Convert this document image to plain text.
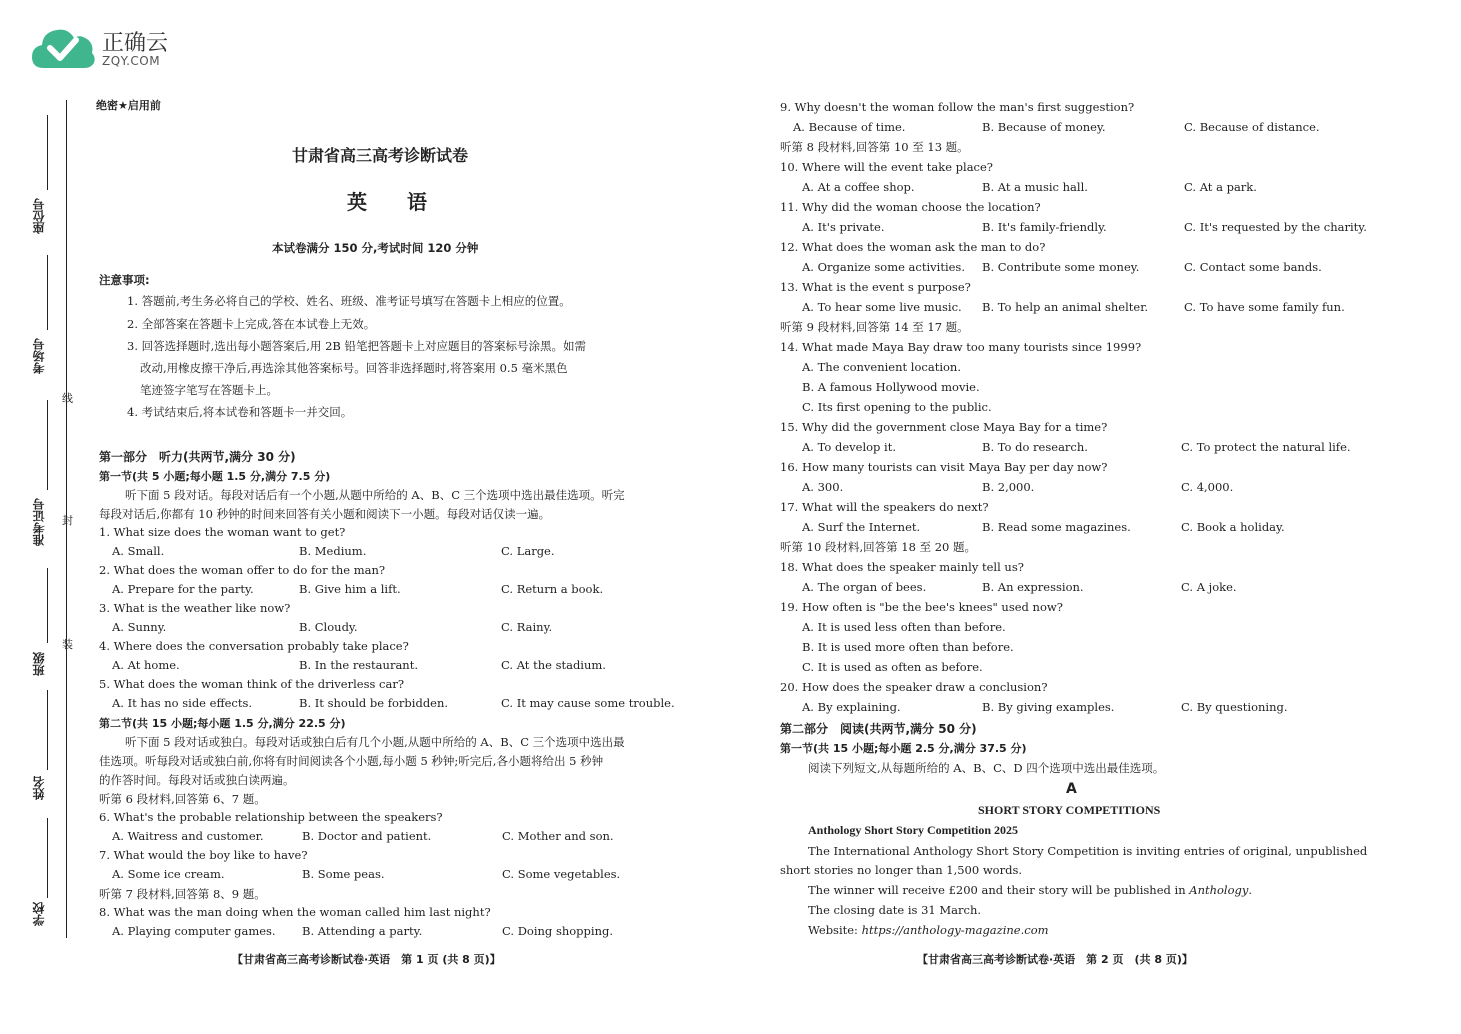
正确云
ZQY.COM
座位号
考场号
准考证号
班级
姓名
学校
线
封
装
绝密★启用前
甘肃省高三高考诊断试卷
英　　语
本试卷满分 150 分,考试时间 120 分钟
注意事项:
1. 答题前,考生务必将自己的学校、姓名、班级、准考证号填写在答题卡上相应的位置。
2. 全部答案在答题卡上完成,答在本试卷上无效。
3. 回答选择题时,选出每小题答案后,用 2B 铅笔把答题卡上对应题目的答案标号涂黑。如需
改动,用橡皮擦干净后,再选涂其他答案标号。回答非选择题时,将答案用 0.5 毫米黑色
笔迹签字笔写在答题卡上。
4. 考试结束后,将本试卷和答题卡一并交回。
第一部分　听力(共两节,满分 30 分)
第一节(共 5 小题;每小题 1.5 分,满分 7.5 分)
听下面 5 段对话。每段对话后有一个小题,从题中所给的 A、B、C 三个选项中选出最佳选项。听完
每段对话后,你都有 10 秒钟的时间来回答有关小题和阅读下一小题。每段对话仅读一遍。
1. What size does the woman want to get?
A. Small.	B. Medium.	C. Large.
2. What does the woman offer to do for the man?
A. Prepare for the party.	B. Give him a lift.	C. Return a book.
3. What is the weather like now?
A. Sunny.	B. Cloudy.	C. Rainy.
4. Where does the conversation probably take place?
A. At home.	B. In the restaurant.	C. At the stadium.
5. What does the woman think of the driverless car?
A. It has no side effects.	B. It should be forbidden.	C. It may cause some trouble.
第二节(共 15 小题;每小题 1.5 分,满分 22.5 分)
听下面 5 段对话或独白。每段对话或独白后有几个小题,从题中所给的 A、B、C 三个选项中选出最
佳选项。听每段对话或独白前,你将有时间阅读各个小题,每小题 5 秒钟;听完后,各小题将给出 5 秒钟
的作答时间。每段对话或独白读两遍。
听第 6 段材料,回答第 6、7 题。
6. What's the probable relationship between the speakers?
A. Waitress and customer.	B. Doctor and patient.	C. Mother and son.
7. What would the boy like to have?
A. Some ice cream.	B. Some peas.	C. Some vegetables.
听第 7 段材料,回答第 8、9 题。
8. What was the man doing when the woman called him last night?
A. Playing computer games. B. Attending a party.	C. Doing shopping.
【甘肃省高三高考诊断试卷·英语　第 1 页 (共 8 页)】
9. Why doesn't the woman follow the man's first suggestion?
A. Because of time.	B. Because of money.	C. Because of distance.
听第 8 段材料,回答第 10 至 13 题。
10. Where will the event take place?
A. At a coffee shop.	B. At a music hall.	C. At a park.
11. Why did the woman choose the location?
A. It's private.	B. It's family-friendly.	C. It's requested by the charity.
12. What does the woman ask the man to do?
A. Organize some activities. B. Contribute some money.	C. Contact some bands.
13. What is the event s purpose?
A. To hear some live music. B. To help an animal shelter.	C. To have some family fun.
听第 9 段材料,回答第 14 至 17 题。
14. What made Maya Bay draw too many tourists since 1999?
A. The convenient location.
B. A famous Hollywood movie.
C. Its first opening to the public.
15. Why did the government close Maya Bay for a time?
A. To develop it.	B. To do research.	C. To protect the natural life.
16. How many tourists can visit Maya Bay per day now?
A. 300.	B. 2,000.	C. 4,000.
17. What will the speakers do next?
A. Surf the Internet.	B. Read some magazines.	C. Book a holiday.
听第 10 段材料,回答第 18 至 20 题。
18. What does the speaker mainly tell us?
A. The organ of bees.	B. An expression.	C. A joke.
19. How often is "be the bee's knees" used now?
A. It is used less often than before.
B. It is used more often than before.
C. It is used as often as before.
20. How does the speaker draw a conclusion?
A. By explaining.	B. By giving examples.	C. By questioning.
第二部分　阅读(共两节,满分 50 分)
第一节(共 15 小题;每小题 2.5 分,满分 37.5 分)
阅读下列短文,从每题所给的 A、B、C、D 四个选项中选出最佳选项。
A
SHORT STORY COMPETITIONS
Anthology Short Story Competition 2025
The International Anthology Short Story Competition is inviting entries of original, unpublished
short stories no longer than 1,500 words.
The winner will receive £200 and their story will be published in Anthology.
The closing date is 31 March.
Website: https://anthology-magazine.com
【甘肃省高三高考诊断试卷·英语　第 2 页　(共 8 页)】
